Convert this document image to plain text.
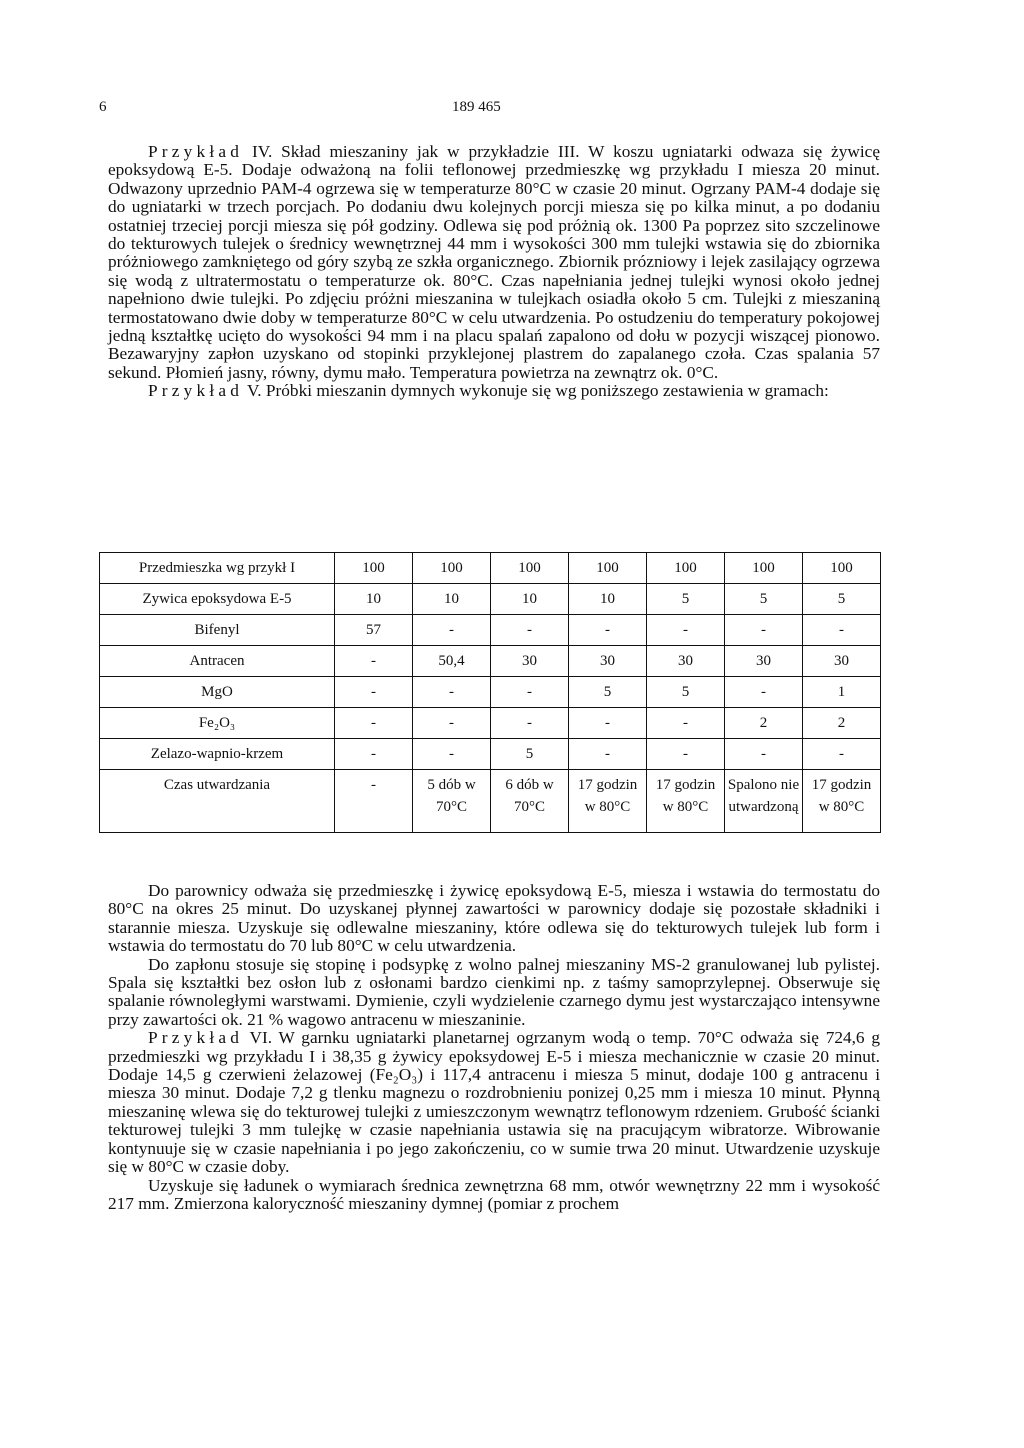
6	189 465

Przykład IV. Skład mieszaniny jak w przykładzie III. W koszu ugniatarki odwaza się żywicę epoksydową E-5. Dodaje odważoną na folii teflonowej przedmieszkę wg przykładu I miesza 20 minut. Odwazony uprzednio PAM-4 ogrzewa się w temperaturze 80°C w czasie 20 minut. Ogrzany PAM-4 dodaje się do ugniatarki w trzech porcjach. Po dodaniu dwu kolejnych porcji miesza się po kilka minut, a po dodaniu ostatniej trzeciej porcji miesza się pół godziny. Odlewa się pod próżnią ok. 1300 Pa poprzez sito szczelinowe do tekturowych tulejek o średnicy wewnętrznej 44 mm i wysokości 300 mm tulejki wstawia się do zbiornika próżniowego zamkniętego od góry szybą ze szkła organicznego. Zbiornik prózniowy i lejek zasilający ogrzewa się wodą z ultratermostatu o temperaturze ok. 80°C. Czas napełniania jednej tulejki wynosi około jednej napełniono dwie tulejki. Po zdjęciu próżni mieszanina w tulejkach osiadła około 5 cm. Tulejki z mieszaniną termostatowano dwie doby w temperaturze 80°C w celu utwardzenia. Po ostudzeniu do temperatury pokojowej jedną kształtkę ucięto do wysokości 94 mm i na placu spalań zapalono od dołu w pozycji wiszącej pionowo. Bezawaryjny zapłon uzyskano od stopinki przyklejonej plastrem do zapalanego czoła. Czas spalania 57 sekund. Płomień jasny, równy, dymu mało. Temperatura powietrza na zewnątrz ok. 0°C.

Przykład V. Próbki mieszanin dymnych wykonuje się wg poniższego zestawienia w gramach:

Przedmieszka wg przykł I	100	100	100	100	100	100	100
Zywica epoksydowa E-5	10	10	10	10	5	5	5
Bifenyl	57	-	-	-	-	-	-
Antracen	-	50,4	30	30	30	30	30
MgO	-	-	-	5	5	-	1
Fe₂O₃	-	-	-	-	-	2	2
Zelazo-wapnio-krzem	-	-	5	-	-	-	-
Czas utwardzania	-	5 dób w 70°C	6 dób w 70°C	17 godzin w 80°C	17 godzin w 80°C	Spalono nie utwardzoną	17 godzin w 80°C

Do parownicy odważa się przedmieszkę i żywicę epoksydową E-5, miesza i wstawia do termostatu do 80°C na okres 25 minut. Do uzyskanej płynnej zawartości w parownicy dodaje się pozostałe składniki i starannie miesza. Uzyskuje się odlewalne mieszaniny, które odlewa się do tekturowych tulejek lub form i wstawia do termostatu do 70 lub 80°C w celu utwardzenia.

Do zapłonu stosuje się stopinę i podsypkę z wolno palnej mieszaniny MS-2 granulowanej lub pylistej. Spala się kształtki bez osłon lub z osłonami bardzo cienkimi np. z taśmy samoprzylepnej. Obserwuje się spalanie równoległymi warstwami. Dymienie, czyli wydzielenie czarnego dymu jest wystarczająco intensywne przy zawartości ok. 21 % wagowo antracenu w mieszaninie.

Przykład VI. W garnku ugniatarki planetarnej ogrzanym wodą o temp. 70°C odważa się 724,6 g przedmieszki wg przykładu I i 38,35 g żywicy epoksydowej E-5 i miesza mechanicznie w czasie 20 minut. Dodaje 14,5 g czerwieni żelazowej (Fe₂O₃) i 117,4 antracenu i miesza 5 minut, dodaje 100 g antracenu i miesza 30 minut. Dodaje 7,2 g tlenku magnezu o rozdrobnieniu ponizej 0,25 mm i miesza 10 minut. Płynną mieszaninę wlewa się do tekturowej tulejki z umieszczonym wewnątrz teflonowym rdzeniem. Grubość ścianki tekturowej tulejki 3 mm tulejkę w czasie napełniania ustawia się na pracującym wibratorze. Wibrowanie kontynuuje się w czasie napełniania i po jego zakończeniu, co w sumie trwa 20 minut. Utwardzenie uzyskuje się w 80°C w czasie doby.

Uzyskuje się ładunek o wymiarach średnica zewnętrzna 68 mm, otwór wewnętrzny 22 mm i wysokość 217 mm. Zmierzona kaloryczność mieszaniny dymnej (pomiar z prochem
